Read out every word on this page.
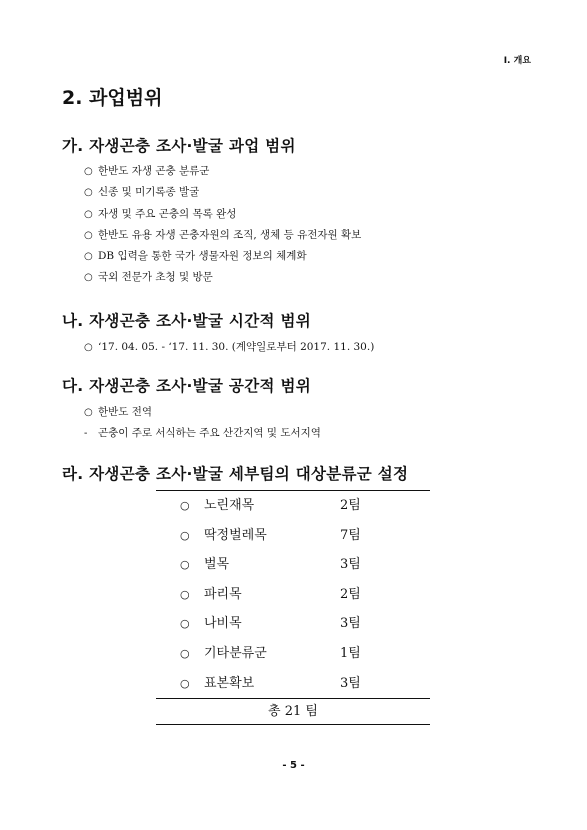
Ⅰ. 개요
2. 과업범위
가. 자생곤충 조사·발굴 과업 범위
○ 한반도 자생 곤충 분류군
○ 신종 및 미기록종 발굴
○ 자생 및 주요 곤충의 목록 완성
○ 한반도 유용 자생 곤충자원의 조직, 생체 등 유전자원 확보
○ DB 입력을 통한 국가 생물자원 정보의 체계화
○ 국외 전문가 초청 및 방문
나. 자생곤충 조사·발굴 시간적 범위
○ ‘17. 04. 05. - ‘17. 11. 30. (계약일로부터 2017. 11. 30.)
다. 자생곤충 조사·발굴 공간적 범위
○ 한반도 전역
- 곤충이 주로 서식하는 주요 산간지역 및 도서지역
라. 자생곤충 조사·발굴 세부팀의 대상분류군 설정
○ 노린재목	2팀
○ 딱정벌레목	7팀
○ 벌목	3팀
○ 파리목	2팀
○ 나비목	3팀
○ 기타분류군	1팀
○ 표본확보	3팀
총 21 팀
- 5 -
